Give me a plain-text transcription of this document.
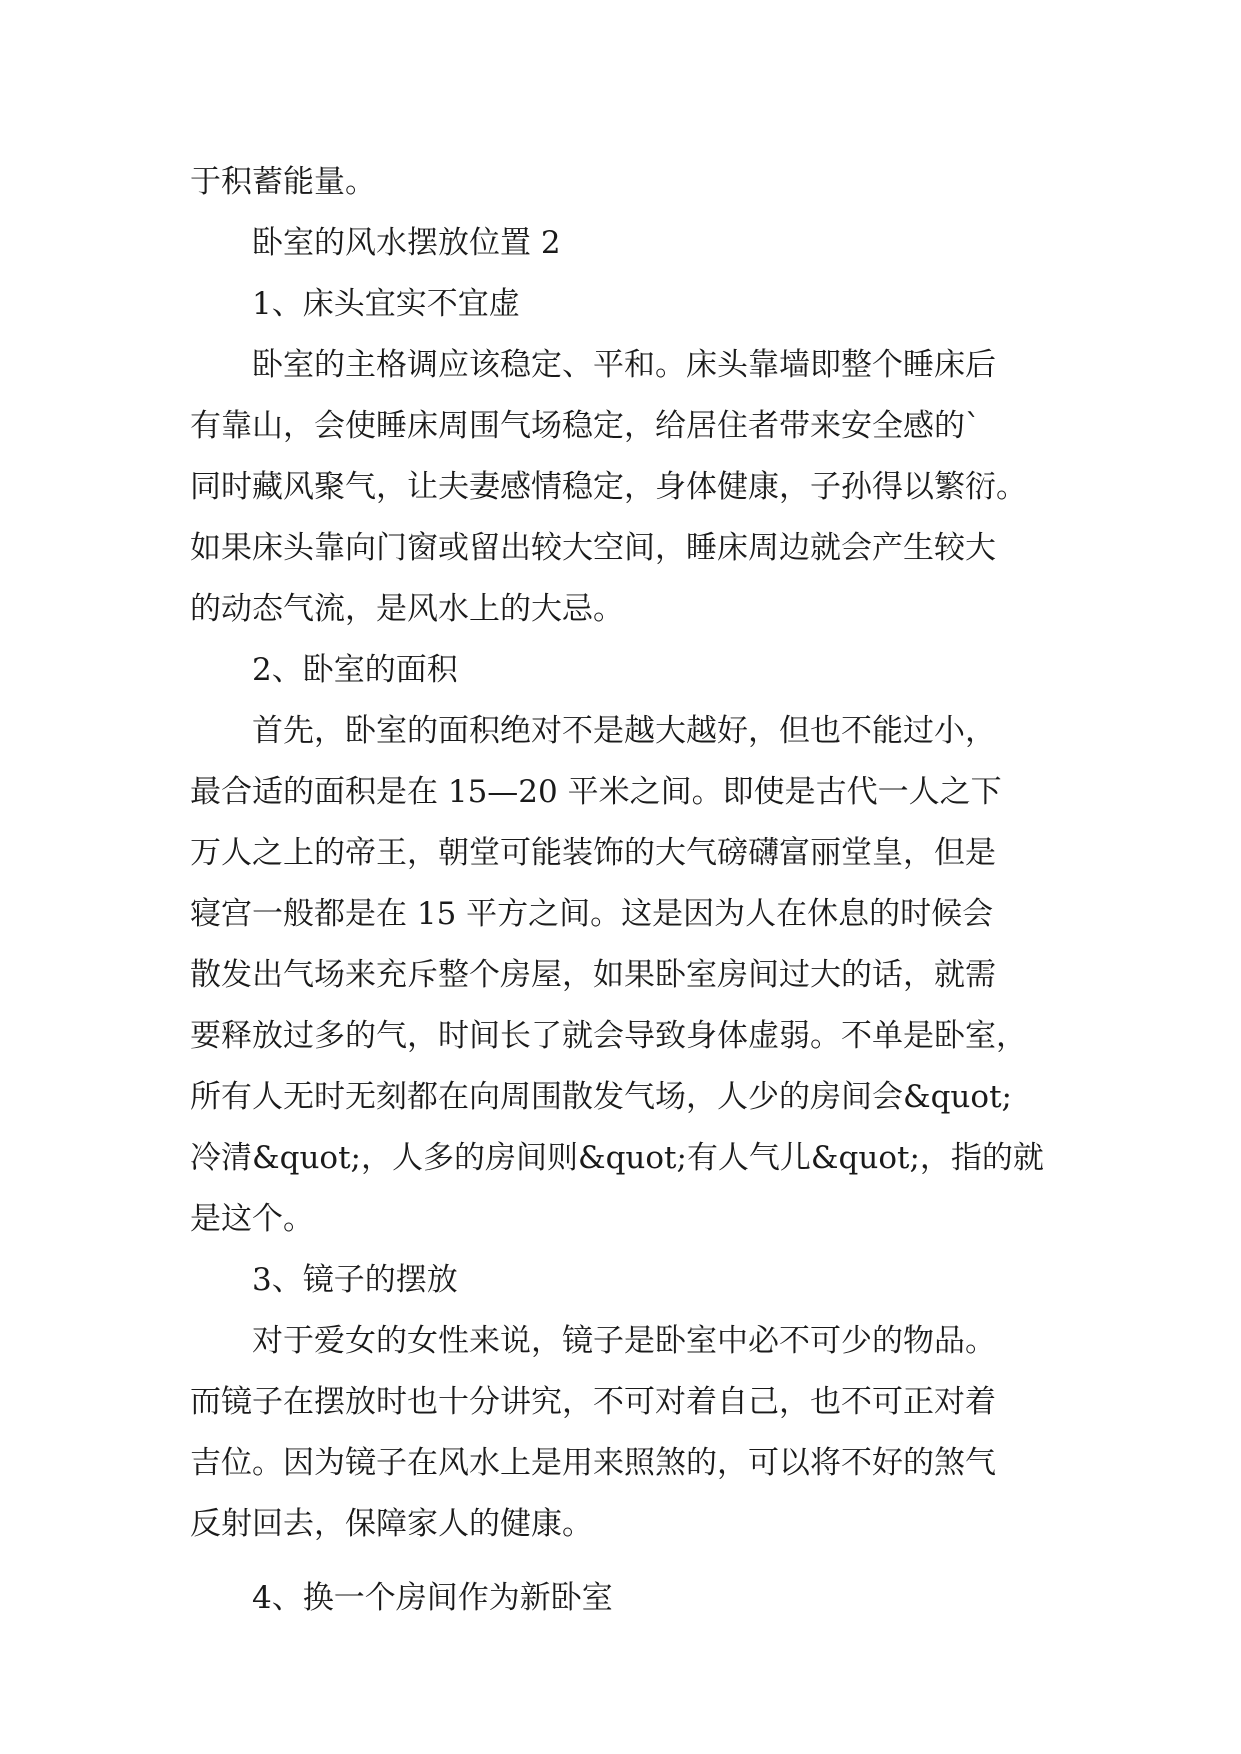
于积蓄能量。
卧室的风水摆放位置 2
1、床头宜实不宜虚
卧室的主格调应该稳定、平和。床头靠墙即整个睡床后
有靠山，会使睡床周围气场稳定，给居住者带来安全感的`
同时藏风聚气，让夫妻感情稳定，身体健康，子孙得以繁衍。
如果床头靠向门窗或留出较大空间，睡床周边就会产生较大
的动态气流，是风水上的大忌。
2、卧室的面积
首先，卧室的面积绝对不是越大越好，但也不能过小，
最合适的面积是在 15—20 平米之间。即使是古代一人之下
万人之上的帝王，朝堂可能装饰的大气磅礴富丽堂皇，但是
寝宫一般都是在 15 平方之间。这是因为人在休息的时候会
散发出气场来充斥整个房屋，如果卧室房间过大的话，就需
要释放过多的气，时间长了就会导致身体虚弱。不单是卧室，
所有人无时无刻都在向周围散发气场，人少的房间会&quot;
冷清&quot;，人多的房间则&quot;有人气儿&quot;，指的就
是这个。
3、镜子的摆放
对于爱女的女性来说，镜子是卧室中必不可少的物品。
而镜子在摆放时也十分讲究，不可对着自己，也不可正对着
吉位。因为镜子在风水上是用来照煞的，可以将不好的煞气
反射回去，保障家人的健康。
4、换一个房间作为新卧室
